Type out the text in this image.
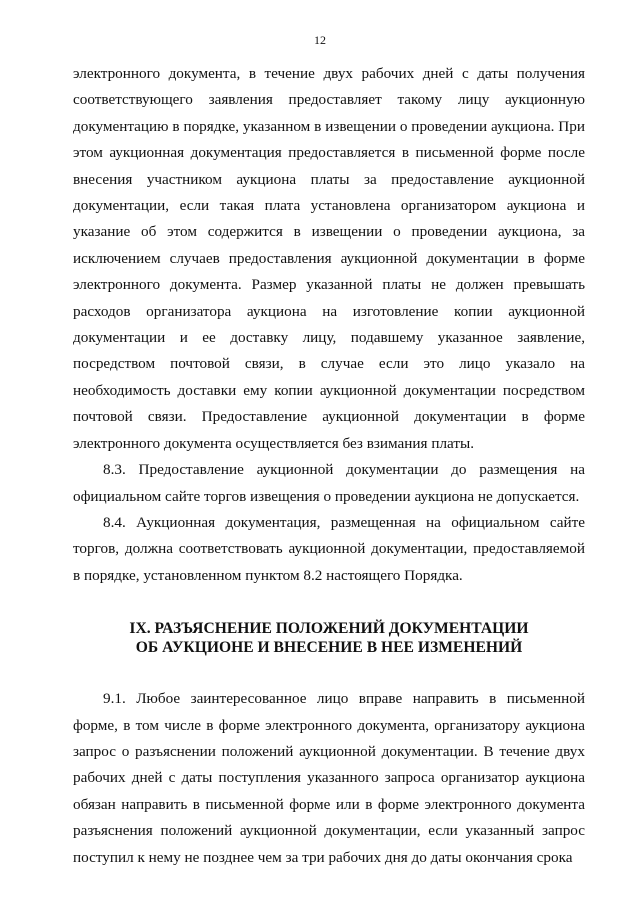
12

электронного документа, в течение двух рабочих дней с даты получения соответствующего заявления предоставляет такому лицу аукционную документацию в порядке, указанном в извещении о проведении аукциона. При этом аукционная документация предоставляется в письменной форме после внесения участником аукциона платы за предоставление аукционной документации, если такая плата установлена организатором аукциона и указание об этом содержится в извещении о проведении аукциона, за исключением случаев предоставления аукционной документации в форме электронного документа. Размер указанной платы не должен превышать расходов организатора аукциона на изготовление копии аукционной документации и ее доставку лицу, подавшему указанное заявление, посредством почтовой связи, в случае если это лицо указало на необходимость доставки ему копии аукционной документации посредством почтовой связи. Предоставление аукционной документации в форме электронного документа осуществляется без взимания платы.

8.3. Предоставление аукционной документации до размещения на официальном сайте торгов извещения о проведении аукциона не допускается.

8.4. Аукционная документация, размещенная на официальном сайте торгов, должна соответствовать аукционной документации, предоставляемой в порядке, установленном пунктом 8.2 настоящего Порядка.

IX. РАЗЪЯСНЕНИЕ ПОЛОЖЕНИЙ ДОКУМЕНТАЦИИ
ОБ АУКЦИОНЕ И ВНЕСЕНИЕ В НЕЕ ИЗМЕНЕНИЙ

9.1. Любое заинтересованное лицо вправе направить в письменной форме, в том числе в форме электронного документа, организатору аукциона запрос о разъяснении положений аукционной документации. В течение двух рабочих дней с даты поступления указанного запроса организатор аукциона обязан направить в письменной форме или в форме электронного документа разъяснения положений аукционной документации, если указанный запрос поступил к нему не позднее чем за три рабочих дня до даты окончания срока
